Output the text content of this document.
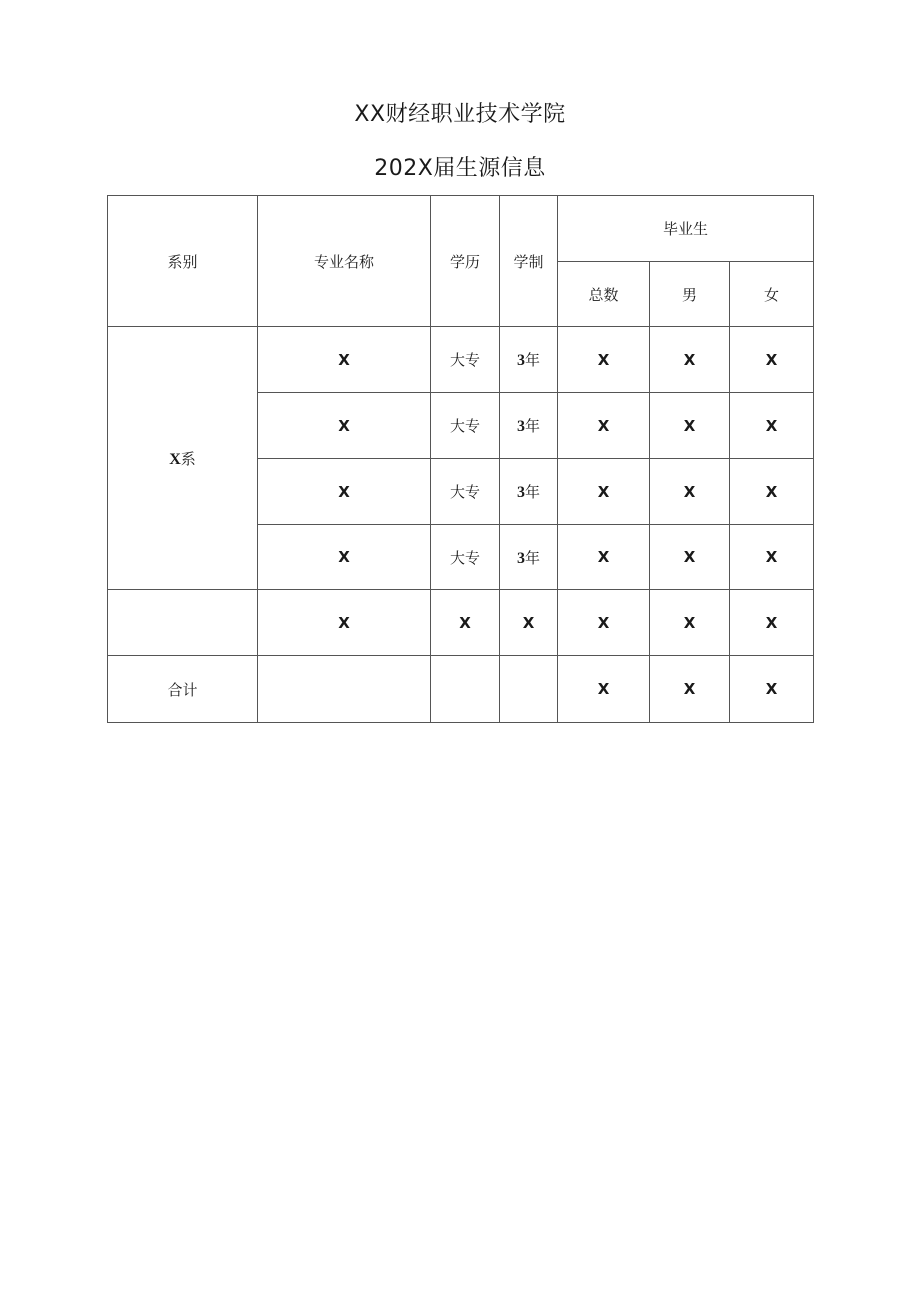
XX财经职业技术学院
202X届生源信息
系别	专业名称	学历	学制	毕业生		
				总数	男	女
X系	X	大专	3年	X	X	X
	X	大专	3年	X	X	X
	X	大专	3年	X	X	X
	X	大专	3年	X	X	X
	X	X	X	X	X	X
合计				X	X	X
